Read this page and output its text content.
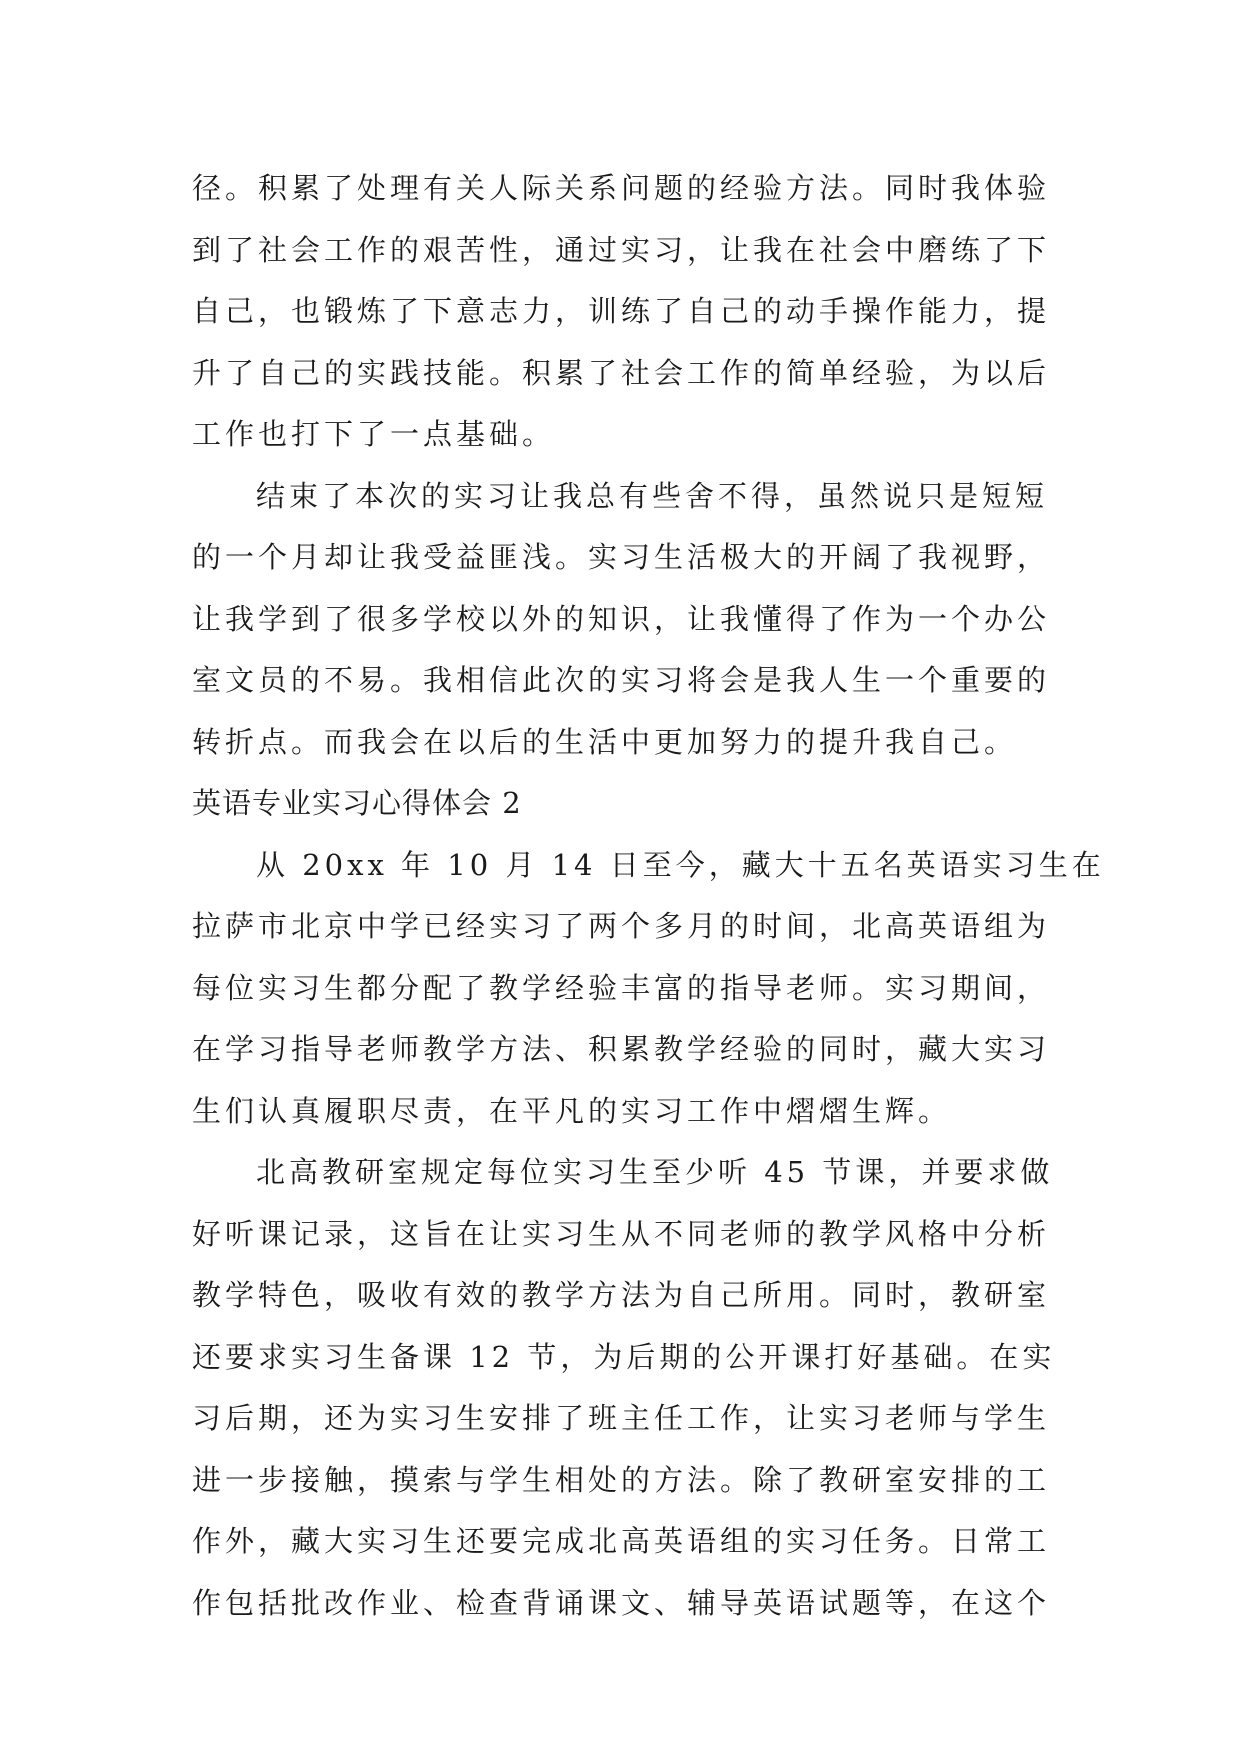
径。积累了处理有关人际关系问题的经验方法。同时我体验
到了社会工作的艰苦性，通过实习，让我在社会中磨练了下
自己，也锻炼了下意志力，训练了自己的动手操作能力，提
升了自己的实践技能。积累了社会工作的简单经验，为以后
工作也打下了一点基础。
结束了本次的实习让我总有些舍不得，虽然说只是短短
的一个月却让我受益匪浅。实习生活极大的开阔了我视野，
让我学到了很多学校以外的知识，让我懂得了作为一个办公
室文员的不易。我相信此次的实习将会是我人生一个重要的
转折点。而我会在以后的生活中更加努力的提升我自己。
英语专业实习心得体会 2
从 20xx 年 10 月 14 日至今，藏大十五名英语实习生在
拉萨市北京中学已经实习了两个多月的时间，北高英语组为
每位实习生都分配了教学经验丰富的指导老师。实习期间，
在学习指导老师教学方法、积累教学经验的同时，藏大实习
生们认真履职尽责，在平凡的实习工作中熠熠生辉。
北高教研室规定每位实习生至少听 45 节课，并要求做
好听课记录，这旨在让实习生从不同老师的教学风格中分析
教学特色，吸收有效的教学方法为自己所用。同时，教研室
还要求实习生备课 12 节，为后期的公开课打好基础。在实
习后期，还为实习生安排了班主任工作，让实习老师与学生
进一步接触，摸索与学生相处的方法。除了教研室安排的工
作外，藏大实习生还要完成北高英语组的实习任务。日常工
作包括批改作业、检查背诵课文、辅导英语试题等，在这个
